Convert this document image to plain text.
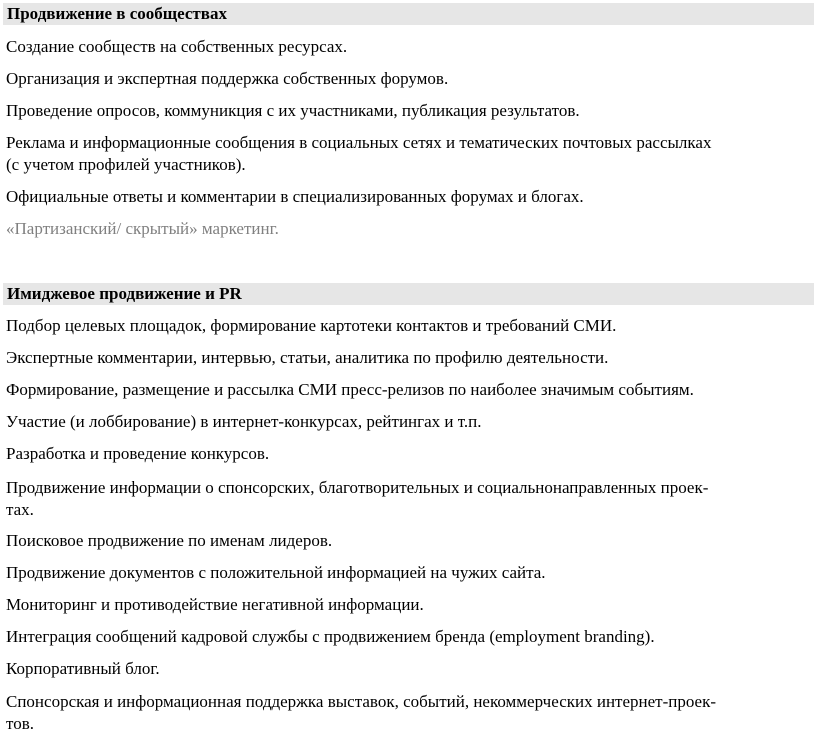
Продвижение в сообществах

Создание сообществ на собственных ресурсах.

Организация и экспертная поддержка собственных форумов.

Проведение опросов, коммуникция с их участниками, публикация результатов.

Реклама и информационные сообщения в социальных сетях и тематических почтовых рассылках
(с учетом профилей участников).

Официальные ответы и комментарии в специализированных форумах и блогах.

«Партизанский/ скрытый» маркетинг.

Имиджевое продвижение и PR

Подбор целевых площадок, формирование картотеки контактов и требований СМИ.

Экспертные комментарии, интервью, статьи, аналитика по профилю деятельности.

Формирование, размещение и рассылка СМИ пресс-релизов по наиболее значимым событиям.

Участие (и лоббирование) в интернет-конкурсах, рейтингах и т.п.

Разработка и проведение конкурсов.

Продвижение информации о спонсорских, благотворительных и социальнонаправленных проек-
тах.

Поисковое продвижение по именам лидеров.

Продвижение документов с положительной информацией на чужих сайта.

Мониторинг и противодействие негативной информации.

Интеграция сообщений кадровой службы с продвижением бренда (employment branding).

Корпоративный блог.

Спонсорская и информационная поддержка выставок, событий, некоммерческих интернет-проек-
тов.
